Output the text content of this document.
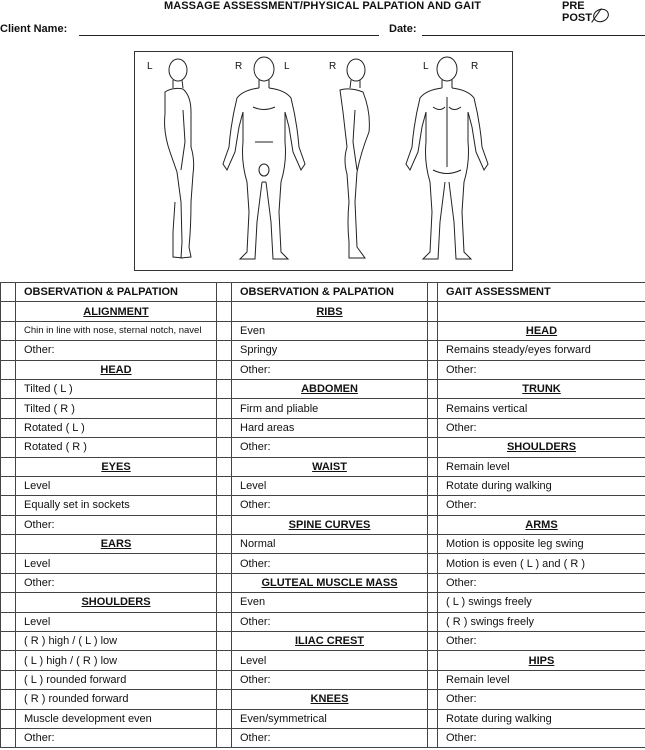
MASSAGE ASSESSMENT/PHYSICAL PALPATION AND GAIT	PRE
POST
Client Name:	Date:
L	R	L	R	L	R
	OBSERVATION & PALPATION		OBSERVATION & PALPATION		GAIT ASSESSMENT
	ALIGNMENT		RIBS		
	Chin in line with nose, sternal notch, navel		Even		HEAD
	Other:		Springy		Remains steady/eyes forward
	HEAD		Other:		Other:
	Tilted ( L )		ABDOMEN		TRUNK
	Tilted ( R )		Firm and pliable		Remains vertical
	Rotated ( L )		Hard areas		Other:
	Rotated ( R )		Other:		SHOULDERS
	EYES		WAIST		Remain level
	Level		Level		Rotate during walking
	Equally set in sockets		Other:		Other:
	Other:		SPINE CURVES		ARMS
	EARS		Normal		Motion is opposite leg swing
	Level		Other:		Motion is even ( L ) and ( R )
	Other:		GLUTEAL MUSCLE MASS		Other:
	SHOULDERS		Even		( L ) swings freely
	Level		Other:		( R ) swings freely
	( R ) high / ( L ) low		ILIAC CREST		Other:
	( L ) high / ( R ) low		Level		HIPS
	( L ) rounded forward		Other:		Remain level
	( R ) rounded forward		KNEES		Other:
	Muscle development even		Even/symmetrical		Rotate during walking
	Other:		Other:		Other:
